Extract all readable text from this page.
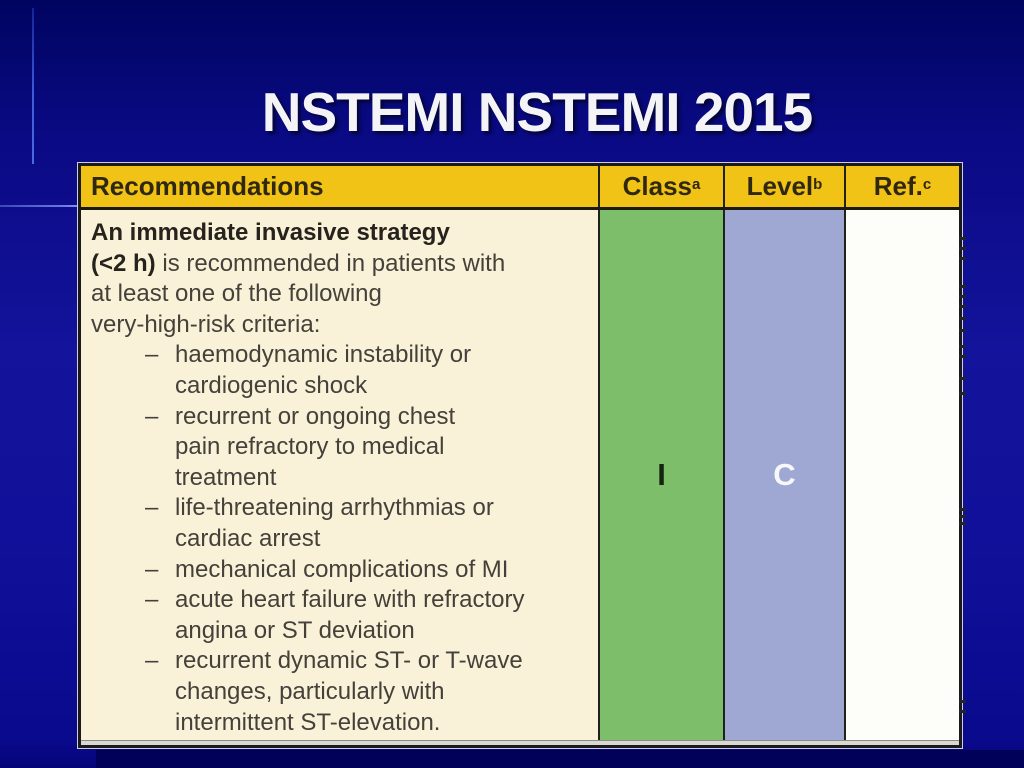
NSTEMI NSTEMI 2015
Recommendations	Class$^a$ Level$^b$ Ref.$^c$
An immediate invasive strategy
(<2 h) is recommended in patients with
at least one of the following
very-high-risk criteria:
– haemodynamic instability or
cardiogenic shock
– recurrent or ongoing chest
pain refractory to medical
treatment
– life-threatening arrhythmias or
cardiac arrest
– mechanical complications of MI
– acute heart failure with refractory
angina or ST deviation
– recurrent dynamic ST- or T-wave
changes, particularly with
intermittent ST-elevation.
I	C
